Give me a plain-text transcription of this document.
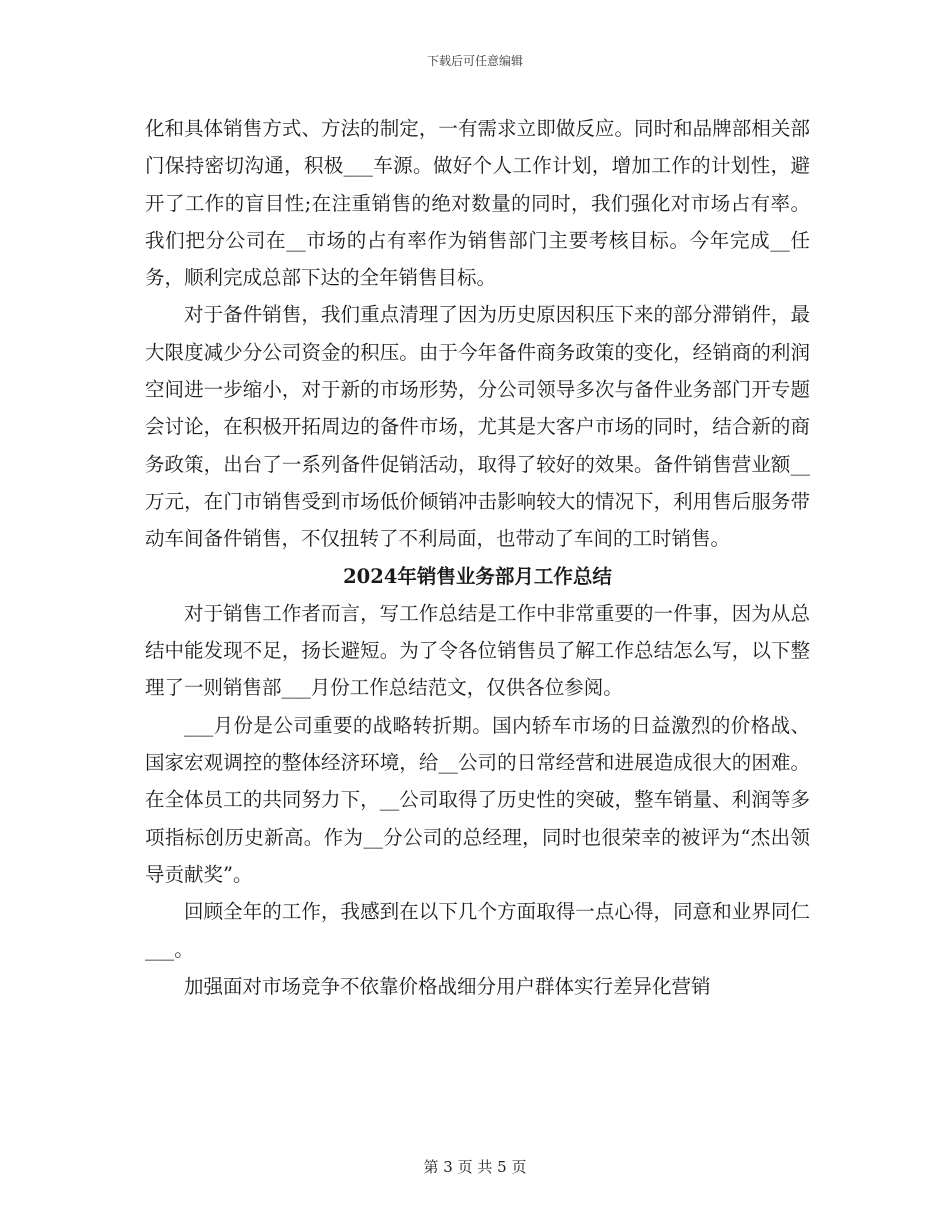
下载后可任意编辑

化和具体销售方式、方法的制定，一有需求立即做反应。同时和品牌部相关部门保持密切沟通，积极___车源。做好个人工作计划，增加工作的计划性，避开了工作的盲目性;在注重销售的绝对数量的同时，我们强化对市场占有率。我们把分公司在__市场的占有率作为销售部门主要考核目标。今年完成__任务，顺利完成总部下达的全年销售目标。

对于备件销售，我们重点清理了因为历史原因积压下来的部分滞销件，最大限度减少分公司资金的积压。由于今年备件商务政策的变化，经销商的利润空间进一步缩小，对于新的市场形势，分公司领导多次与备件业务部门开专题会讨论，在积极开拓周边的备件市场，尤其是大客户市场的同时，结合新的商务政策，出台了一系列备件促销活动，取得了较好的效果。备件销售营业额__万元，在门市销售受到市场低价倾销冲击影响较大的情况下，利用售后服务带动车间备件销售，不仅扭转了不利局面，也带动了车间的工时销售。

2024年销售业务部月工作总结

对于销售工作者而言，写工作总结是工作中非常重要的一件事，因为从总结中能发现不足，扬长避短。为了令各位销售员了解工作总结怎么写，以下整理了一则销售部___月份工作总结范文，仅供各位参阅。

___月份是公司重要的战略转折期。国内轿车市场的日益激烈的价格战、国家宏观调控的整体经济环境，给__公司的日常经营和进展造成很大的困难。在全体员工的共同努力下，__公司取得了历史性的突破，整车销量、利润等多项指标创历史新高。作为__分公司的总经理，同时也很荣幸的被评为“杰出领导贡献奖”。

回顾全年的工作，我感到在以下几个方面取得一点心得，同意和业界同仁___。

加强面对市场竞争不依靠价格战细分用户群体实行差异化营销

第 3 页 共 5 页
